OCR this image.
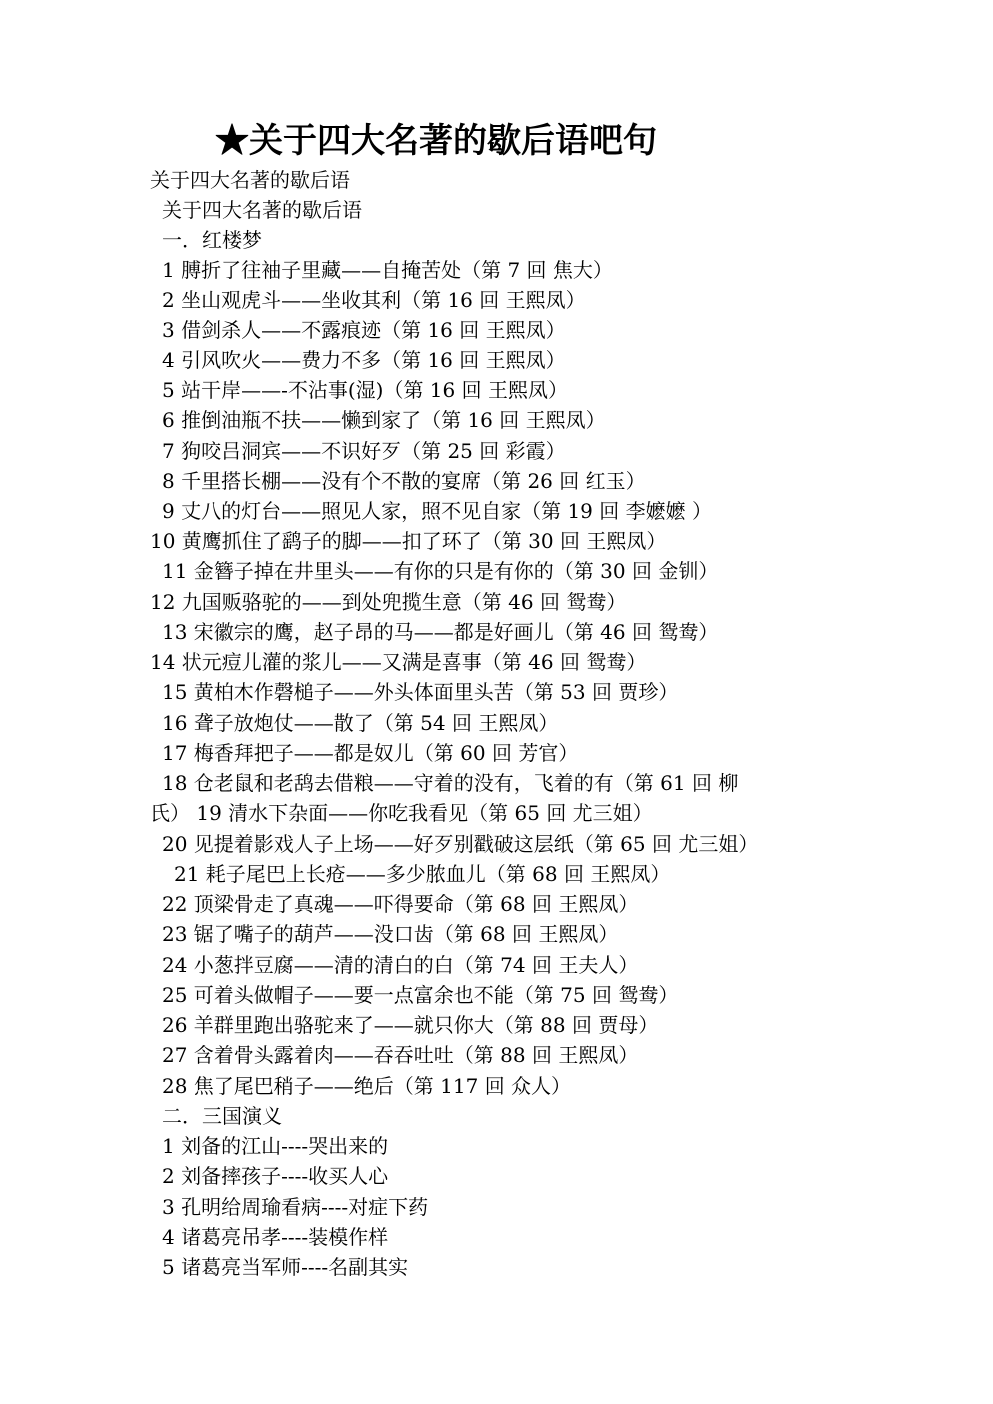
★关于四大名著的歇后语吧句
关于四大名著的歇后语
关于四大名著的歇后语
一．红楼梦
1 膊折了往袖子里藏——自掩苦处（第 7 回 焦大）
2 坐山观虎斗——坐收其利（第 16 回 王熙凤）
3 借剑杀人——不露痕迹（第 16 回 王熙凤）
4 引风吹火——费力不多（第 16 回 王熙凤）
5 站干岸——-不沾事(湿)（第 16 回 王熙凤）
6 推倒油瓶不扶——懒到家了（第 16 回 王熙凤）
7 狗咬吕洞宾——不识好歹（第 25 回 彩霞）
8 千里搭长棚——没有个不散的宴席（第 26 回 红玉）
9 丈八的灯台——照见人家，照不见自家（第 19 回 李嬷嬷 ）
10 黄鹰抓住了鹞子的脚——扣了环了（第 30 回 王熙凤）
11 金簪子掉在井里头——有你的只是有你的（第 30 回 金钏）
12 九国贩骆驼的——到处兜揽生意（第 46 回 鸳鸯）
13 宋徽宗的鹰，赵子昂的马——都是好画儿（第 46 回 鸳鸯）
14 状元痘儿灌的浆儿——又满是喜事（第 46 回 鸳鸯）
15 黄柏木作磬槌子——外头体面里头苦（第 53 回 贾珍）
16 聋子放炮仗——散了（第 54 回 王熙凤）
17 梅香拜把子——都是奴儿（第 60 回 芳官）
18 仓老鼠和老鸹去借粮——守着的没有，飞着的有（第 61 回 柳
氏） 19 清水下杂面——你吃我看见（第 65 回 尤三姐）
20 见提着影戏人子上场——好歹别戳破这层纸（第 65 回 尤三姐）
21 耗子尾巴上长疮——多少脓血儿（第 68 回 王熙凤）
22 顶梁骨走了真魂——吓得要命（第 68 回 王熙凤）
23 锯了嘴子的葫芦——没口齿（第 68 回 王熙凤）
24 小葱拌豆腐——清的清白的白（第 74 回 王夫人）
25 可着头做帽子——要一点富余也不能（第 75 回 鸳鸯）
26 羊群里跑出骆驼来了——就只你大（第 88 回 贾母）
27 含着骨头露着肉——吞吞吐吐（第 88 回 王熙凤）
28 焦了尾巴稍子——绝后（第 117 回 众人）
二．三国演义
1 刘备的江山----哭出来的
2 刘备摔孩子----收买人心
3 孔明给周瑜看病----对症下药
4 诸葛亮吊孝----装模作样
5 诸葛亮当军师----名副其实
